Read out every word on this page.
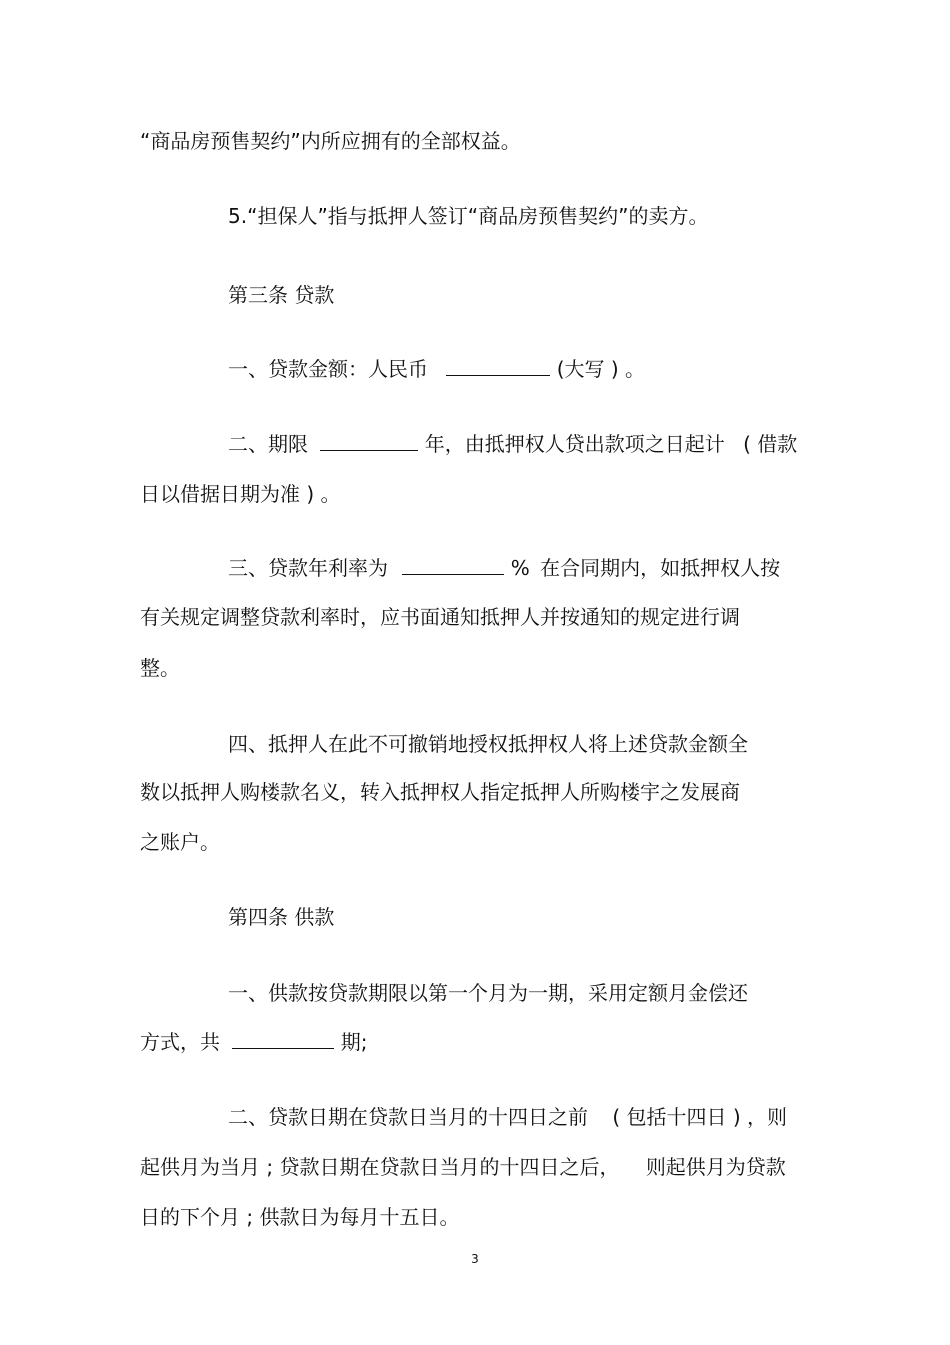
“商品房预售契约”内所应拥有的全部权益。
5.“担保人”指与抵押人签订“商品房预售契约”的卖方。
第三条 贷款
一、贷款金额：人民币	(大写 ) 。
二、期限	年，由抵押权人贷出款项之日起计 ( 借款
日以借据日期为准 ) 。
三、贷款年利率为	% 在合同期内，如抵押权人按
有关规定调整贷款利率时，应书面通知抵押人并按通知的规定进行调
整。
四、抵押人在此不可撤销地授权抵押权人将上述贷款金额全
数以抵押人购楼款名义，转入抵押权人指定抵押人所购楼宇之发展商
之账户。
第四条 供款
一、供款按贷款期限以第一个月为一期，采用定额月金偿还
方式，共	期;
二、贷款日期在贷款日当月的十四日之前 ( 包括十四日 ) ，则
起供月为当月 ; 贷款日期在贷款日当月的十四日之后， 则起供月为贷款
日的下个月 ; 供款日为每月十五日。
3
